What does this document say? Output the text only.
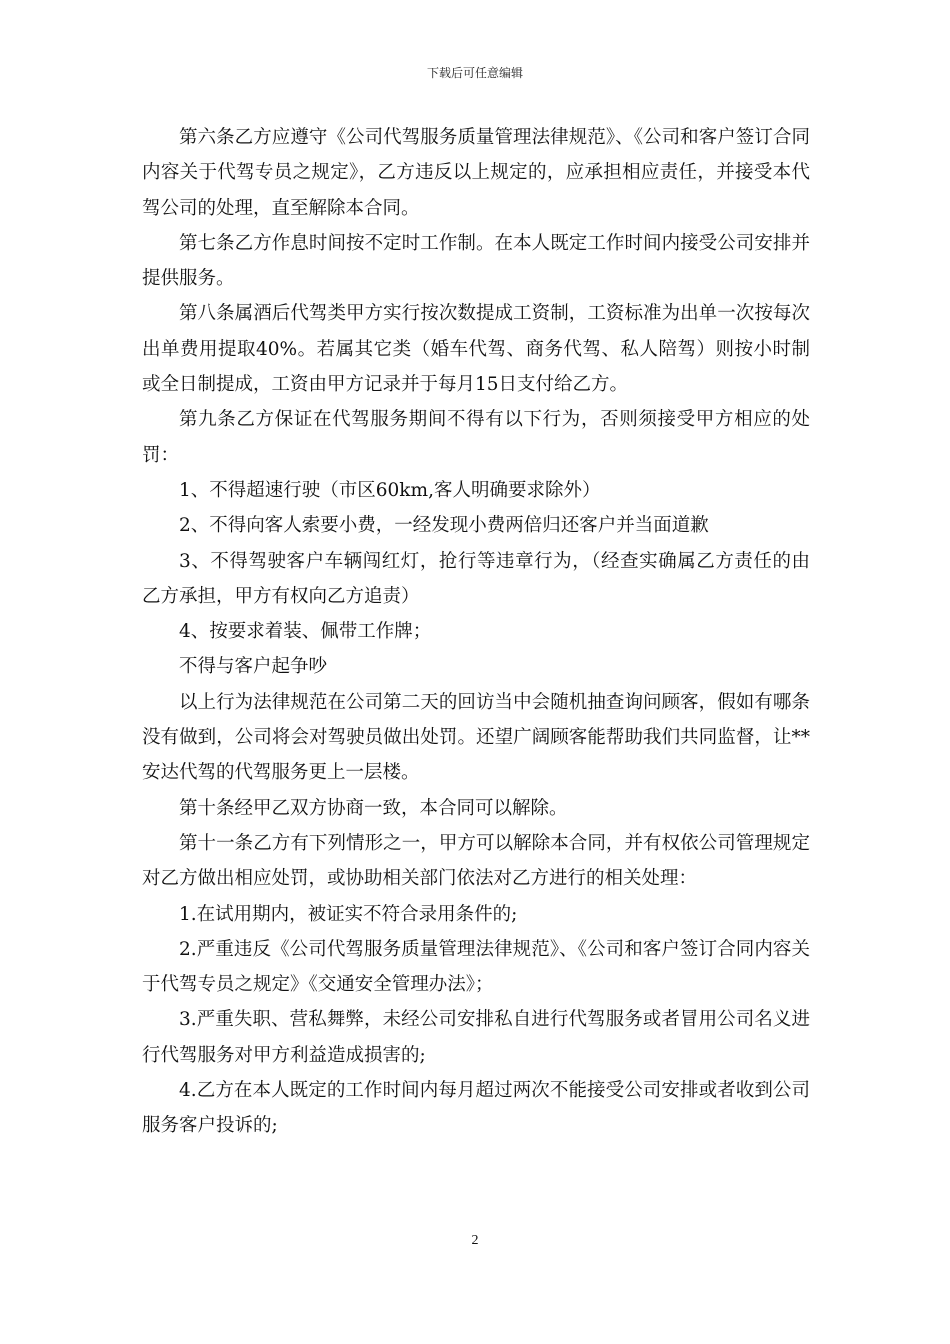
下载后可任意编辑

第六条乙方应遵守《公司代驾服务质量管理法律规范》、《公司和客户签订合同内容关于代驾专员之规定》，乙方违反以上规定的，应承担相应责任，并接受本代驾公司的处理，直至解除本合同。

第七条乙方作息时间按不定时工作制。在本人既定工作时间内接受公司安排并提供服务。

第八条属酒后代驾类甲方实行按次数提成工资制，工资标准为出单一次按每次出单费用提取40%。若属其它类（婚车代驾、商务代驾、私人陪驾）则按小时制或全日制提成，工资由甲方记录并于每月15日支付给乙方。

第九条乙方保证在代驾服务期间不得有以下行为，否则须接受甲方相应的处罚：

1、不得超速行驶（市区60km,客人明确要求除外）

2、不得向客人索要小费，一经发现小费两倍归还客户并当面道歉

3、不得驾驶客户车辆闯红灯，抢行等违章行为，（经查实确属乙方责任的由乙方承担，甲方有权向乙方追责）

4、按要求着装、佩带工作牌；

不得与客户起争吵

以上行为法律规范在公司第二天的回访当中会随机抽查询问顾客，假如有哪条没有做到，公司将会对驾驶员做出处罚。还望广阔顾客能帮助我们共同监督，让**安达代驾的代驾服务更上一层楼。

第十条经甲乙双方协商一致，本合同可以解除。

第十一条乙方有下列情形之一，甲方可以解除本合同，并有权依公司管理规定对乙方做出相应处罚，或协助相关部门依法对乙方进行的相关处理：

1.在试用期内，被证实不符合录用条件的;

2.严重违反《公司代驾服务质量管理法律规范》、《公司和客户签订合同内容关于代驾专员之规定》《交通安全管理办法》；

3.严重失职、营私舞弊，未经公司安排私自进行代驾服务或者冒用公司名义进行代驾服务对甲方利益造成损害的;

4.乙方在本人既定的工作时间内每月超过两次不能接受公司安排或者收到公司服务客户投诉的;

2
